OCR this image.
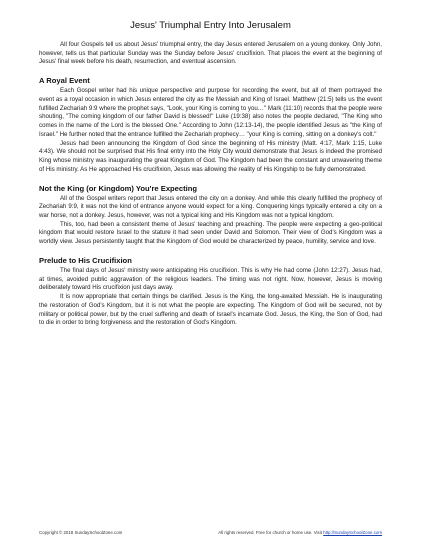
Jesus' Triumphal Entry Into Jerusalem

All four Gospels tell us about Jesus' triumphal entry, the day Jesus entered Jerusalem on a young donkey. Only John, however, tells us that particular Sunday was the Sunday before Jesus' crucifixion. That places the event at the beginning of Jesus' final week before his death, resurrection, and eventual ascension.

A Royal Event

Each Gospel writer had his unique perspective and purpose for recording the event, but all of them portrayed the event as a royal occasion in which Jesus entered the city as the Messiah and King of Israel. Matthew (21:5) tells us the event fulfilled Zechariah 9:9 where the prophet says, "Look, your King is coming to you…" Mark (11:10) records that the people were shouting, "The coming kingdom of our father David is blessed!" Luke (19:38) also notes the people declared, "The King who comes in the name of the Lord is the blessed One." According to John (12:13-14), the people identified Jesus as "the King of Israel." He further noted that the entrance fulfilled the Zechariah prophecy… "your King is coming, sitting on a donkey's colt."

Jesus had been announcing the Kingdom of God since the beginning of His ministry (Matt. 4:17, Mark 1:15, Luke 4:43). We should not be surprised that His final entry into the Holy City would demonstrate that Jesus is indeed the promised King whose ministry was inaugurating the great Kingdom of God. The Kingdom had been the constant and unwavering theme of His ministry. As He approached His crucifixion, Jesus was allowing the reality of His Kingship to be fully demonstrated.

Not the King (or Kingdom) You're Expecting

All of the Gospel writers report that Jesus entered the city on a donkey. And while this clearly fulfilled the prophecy of Zechariah 9:9, it was not the kind of entrance anyone would expect for a king. Conquering kings typically entered a city on a war horse, not a donkey. Jesus, however, was not a typical king and His Kingdom was not a typical kingdom.

This, too, had been a consistent theme of Jesus' teaching and preaching. The people were expecting a geo-political kingdom that would restore Israel to the stature it had seen under David and Solomon. Their view of God's Kingdom was a worldly view. Jesus persistently taught that the Kingdom of God would be characterized by peace, humility, service and love.

Prelude to His Crucifixion

The final days of Jesus' ministry were anticipating His crucifixion. This is why He had come (John 12:27). Jesus had, at times, avoided public aggravation of the religious leaders. The timing was not right. Now, however, Jesus is moving deliberately toward His crucifixion just days away.

It is now appropriate that certain things be clarified. Jesus is the King, the long-awaited Messiah. He is inaugurating the restoration of God's Kingdom, but it is not what the people are expecting. The Kingdom of God will be secured, not by military or political power, but by the cruel suffering and death of Israel's incarnate God. Jesus, the King, the Son of God, had to die in order to bring forgiveness and the restoration of God's Kingdom.

Copyright © 2018 SundaySchoolZone.com	All rights reserved. Free for church or home use. Visit http://SundaySchoolZone.com
